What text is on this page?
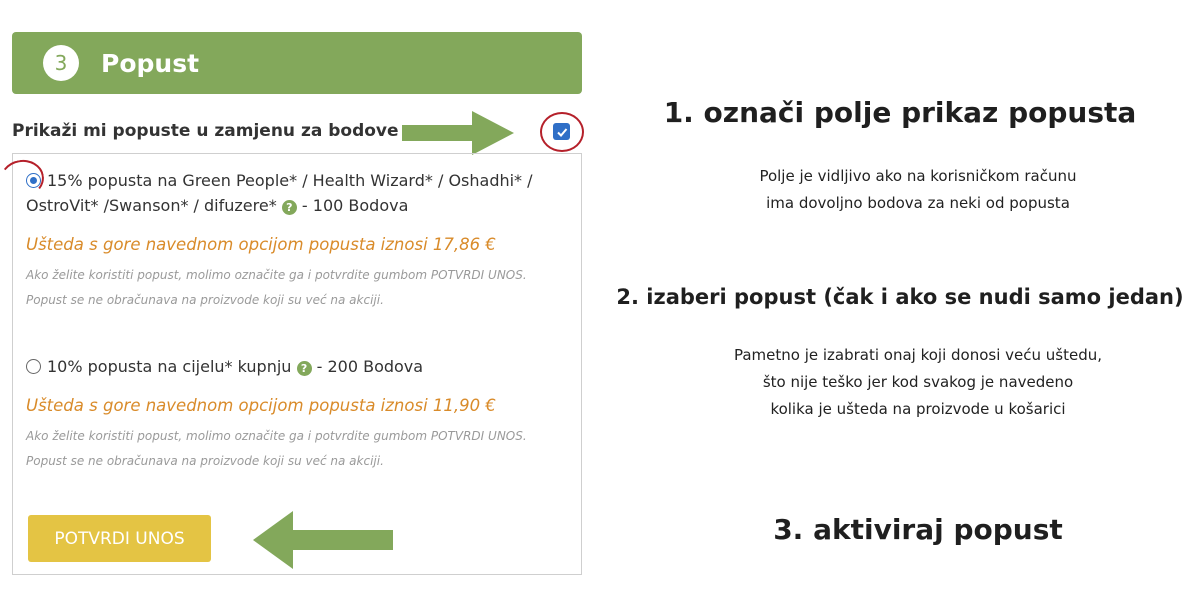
3	Popust
Prikaži mi popuste u zamjenu za bodove
15% popusta na Green People* / Health Wizard* / Oshadhi* /
OstroVit* /Swanson* / difuzere* ? - 100 Bodova
Ušteda s gore navednom opcijom popusta iznosi 17,86 €
Ako želite koristiti popust, molimo označite ga i potvrdite gumbom POTVRDI UNOS.
Popust se ne obračunava na proizvode koji su već na akciji.
10% popusta na cijelu* kupnju ? - 200 Bodova
Ušteda s gore navednom opcijom popusta iznosi 11,90 €
Ako želite koristiti popust, molimo označite ga i potvrdite gumbom POTVRDI UNOS.
Popust se ne obračunava na proizvode koji su već na akciji.
POTVRDI UNOS
1. označi polje prikaz popusta
Polje je vidljivo ako na korisničkom računu
ima dovoljno bodova za neki od popusta
2. izaberi popust (čak i ako se nudi samo jedan)
Pametno je izabrati onaj koji donosi veću uštedu,
što nije teško jer kod svakog je navedeno
kolika je ušteda na proizvode u košarici
3. aktiviraj popust
